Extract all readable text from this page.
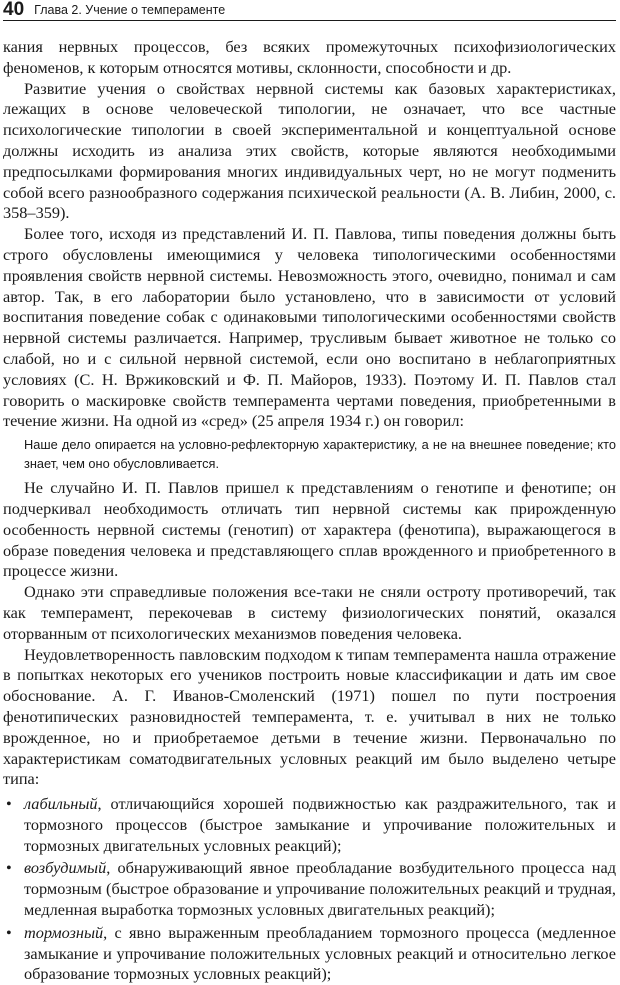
40 Глава 2. Учение о темпераменте

кания нервных процессов, без всяких промежуточных психофизиологических феноменов, к которым относятся мотивы, склонности, способности и др.

Развитие учения о свойствах нервной системы как базовых характеристиках, лежащих в основе человеческой типологии, не означает, что все частные психологические типологии в своей экспериментальной и концептуальной основе должны исходить из анализа этих свойств, которые являются необходимыми предпосылками формирования многих индивидуальных черт, но не могут подменить собой всего разнообразного содержания психической реальности (А. В. Либин, 2000, с. 358–359).

Более того, исходя из представлений И. П. Павлова, типы поведения должны быть строго обусловлены имеющимися у человека типологическими особенностями проявления свойств нервной системы. Невозможность этого, очевидно, понимал и сам автор. Так, в его лаборатории было установлено, что в зависимости от условий воспитания поведение собак с одинаковыми типологическими особенностями свойств нервной системы различается. Например, трусливым бывает животное не только со слабой, но и с сильной нервной системой, если оно воспитано в неблагоприятных условиях (С. Н. Вржиковский и Ф. П. Майоров, 1933). Поэтому И. П. Павлов стал говорить о маскировке свойств темперамента чертами поведения, приобретенными в течение жизни. На одной из «сред» (25 апреля 1934 г.) он говорил:

Наше дело опирается на условно-рефлекторную характеристику, а не на внешнее поведение; кто знает, чем оно обусловливается.

Не случайно И. П. Павлов пришел к представлениям о генотипе и фенотипе; он подчеркивал необходимость отличать тип нервной системы как прирожденную особенность нервной системы (генотип) от характера (фенотипа), выражающегося в образе поведения человека и представляющего сплав врожденного и приобретенного в процессе жизни.

Однако эти справедливые положения все-таки не сняли остроту противоречий, так как темперамент, перекочевав в систему физиологических понятий, оказался оторванным от психологических механизмов поведения человека.

Неудовлетворенность павловским подходом к типам темперамента нашла отражение в попытках некоторых его учеников построить новые классификации и дать им свое обоснование. А. Г. Иванов-Смоленский (1971) пошел по пути построения фенотипических разновидностей темперамента, т. е. учитывал в них не только врожденное, но и приобретаемое детьми в течение жизни. Первоначально по характеристикам соматодвигательных условных реакций им было выделено четыре типа:

• лабильный, отличающийся хорошей подвижностью как раздражительного, так и тормозного процессов (быстрое замыкание и упрочивание положительных и тормозных двигательных условных реакций);
• возбудимый, обнаруживающий явное преобладание возбудительного процесса над тормозным (быстрое образование и упрочивание положительных реакций и трудная, медленная выработка тормозных условных двигательных реакций);
• тормозный, с явно выраженным преобладанием тормозного процесса (медленное замыкание и упрочивание положительных условных реакций и относительно легкое образование тормозных условных реакций);
